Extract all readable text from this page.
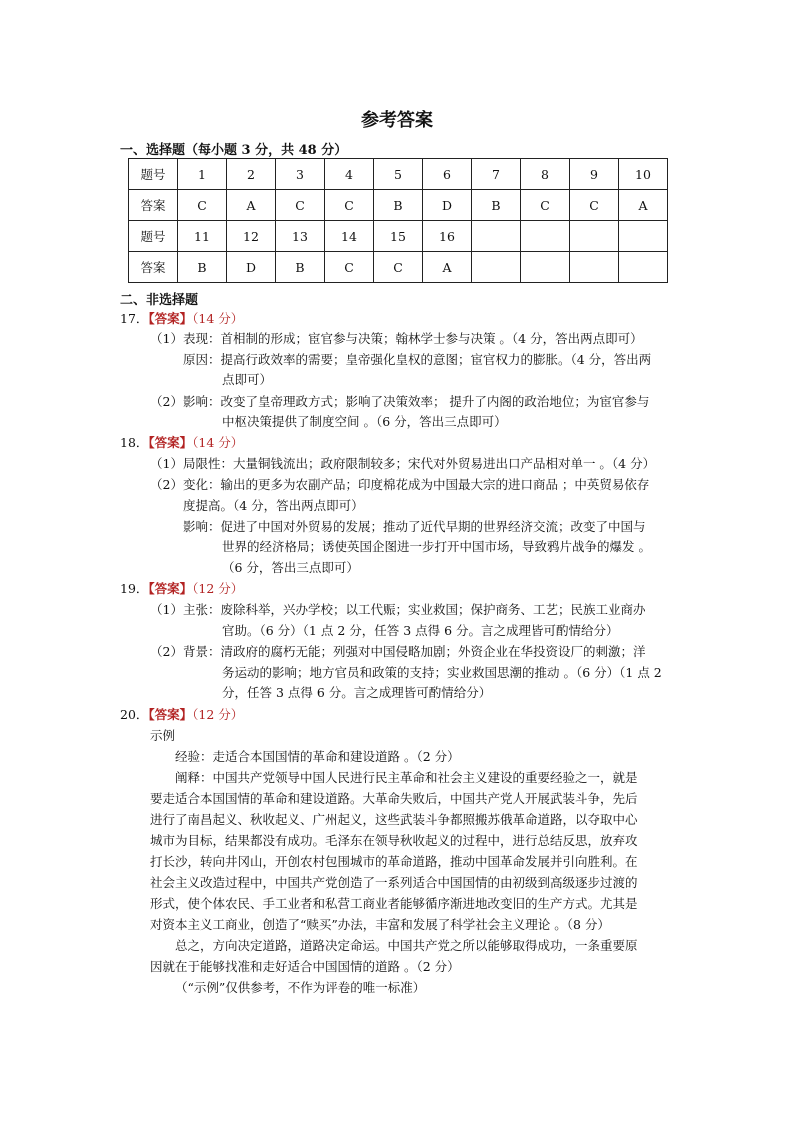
参考答案
一、选择题（每小题 3 分，共 48 分）
题号	1	2	3	4	5	6	7	8	9	10
答案	C	A	C	C	B	D	B	C	C	A
题号	11	12	13	14	15	16				
答案	B	D	B	C	C	A				
二、非选择题
17．【答案】（14 分）
（1）表现：首相制的形成；宦官参与决策；翰林学士参与决策 。（4 分，答出两点即可）
原因：提高行政效率的需要；皇帝强化皇权的意图；宦官权力的膨胀。（4 分，答出两
点即可）
（2）影响：改变了皇帝理政方式；影响了决策效率； 提升了内阁的政治地位；为宦官参与
中枢决策提供了制度空间 。（6 分，答出三点即可）
18．【答案】（14 分）
（1）局限性：大量铜钱流出；政府限制较多；宋代对外贸易进出口产品相对单一 。（4 分）
（2）变化：输出的更多为农副产品；印度棉花成为中国最大宗的进口商品 ；中英贸易依存
度提高。（4 分，答出两点即可）
影响：促进了中国对外贸易的发展；推动了近代早期的世界经济交流；改变了中国与
世界的经济格局；诱使英国企图进一步打开中国市场，导致鸦片战争的爆发 。
（6 分，答出三点即可）
19．【答案】（12 分）
（1）主张：废除科举，兴办学校；以工代赈；实业救国；保护商务、工艺；民族工业商办
官助。（6 分）（1 点 2 分，任答 3 点得 6 分。言之成理皆可酌情给分）
（2）背景：清政府的腐朽无能；列强对中国侵略加剧；外资企业在华投资设厂的刺激；洋
务运动的影响；地方官员和政策的支持；实业救国思潮的推动 。（6 分）（1 点 2
分，任答 3 点得 6 分。言之成理皆可酌情给分）
20．【答案】（12 分）
示例
经验：走适合本国国情的革命和建设道路 。（2 分）
阐释：中国共产党领导中国人民进行民主革命和社会主义建设的重要经验之一，就是
要走适合本国国情的革命和建设道路。大革命失败后，中国共产党人开展武装斗争，先后
进行了南昌起义、秋收起义、广州起义，这些武装斗争都照搬苏俄革命道路，以夺取中心
城市为目标，结果都没有成功。毛泽东在领导秋收起义的过程中，进行总结反思，放弃攻
打长沙，转向井冈山，开创农村包围城市的革命道路，推动中国革命发展并引向胜利。在
社会主义改造过程中，中国共产党创造了一系列适合中国国情的由初级到高级逐步过渡的
形式，使个体农民、手工业者和私营工商业者能够循序渐进地改变旧的生产方式。尤其是
对资本主义工商业，创造了“赎买”办法，丰富和发展了科学社会主义理论 。（8 分）
总之，方向决定道路，道路决定命运。中国共产党之所以能够取得成功，一条重要原
因就在于能够找准和走好适合中国国情的道路 。（2 分）
（“示例”仅供参考，不作为评卷的唯一标准）
